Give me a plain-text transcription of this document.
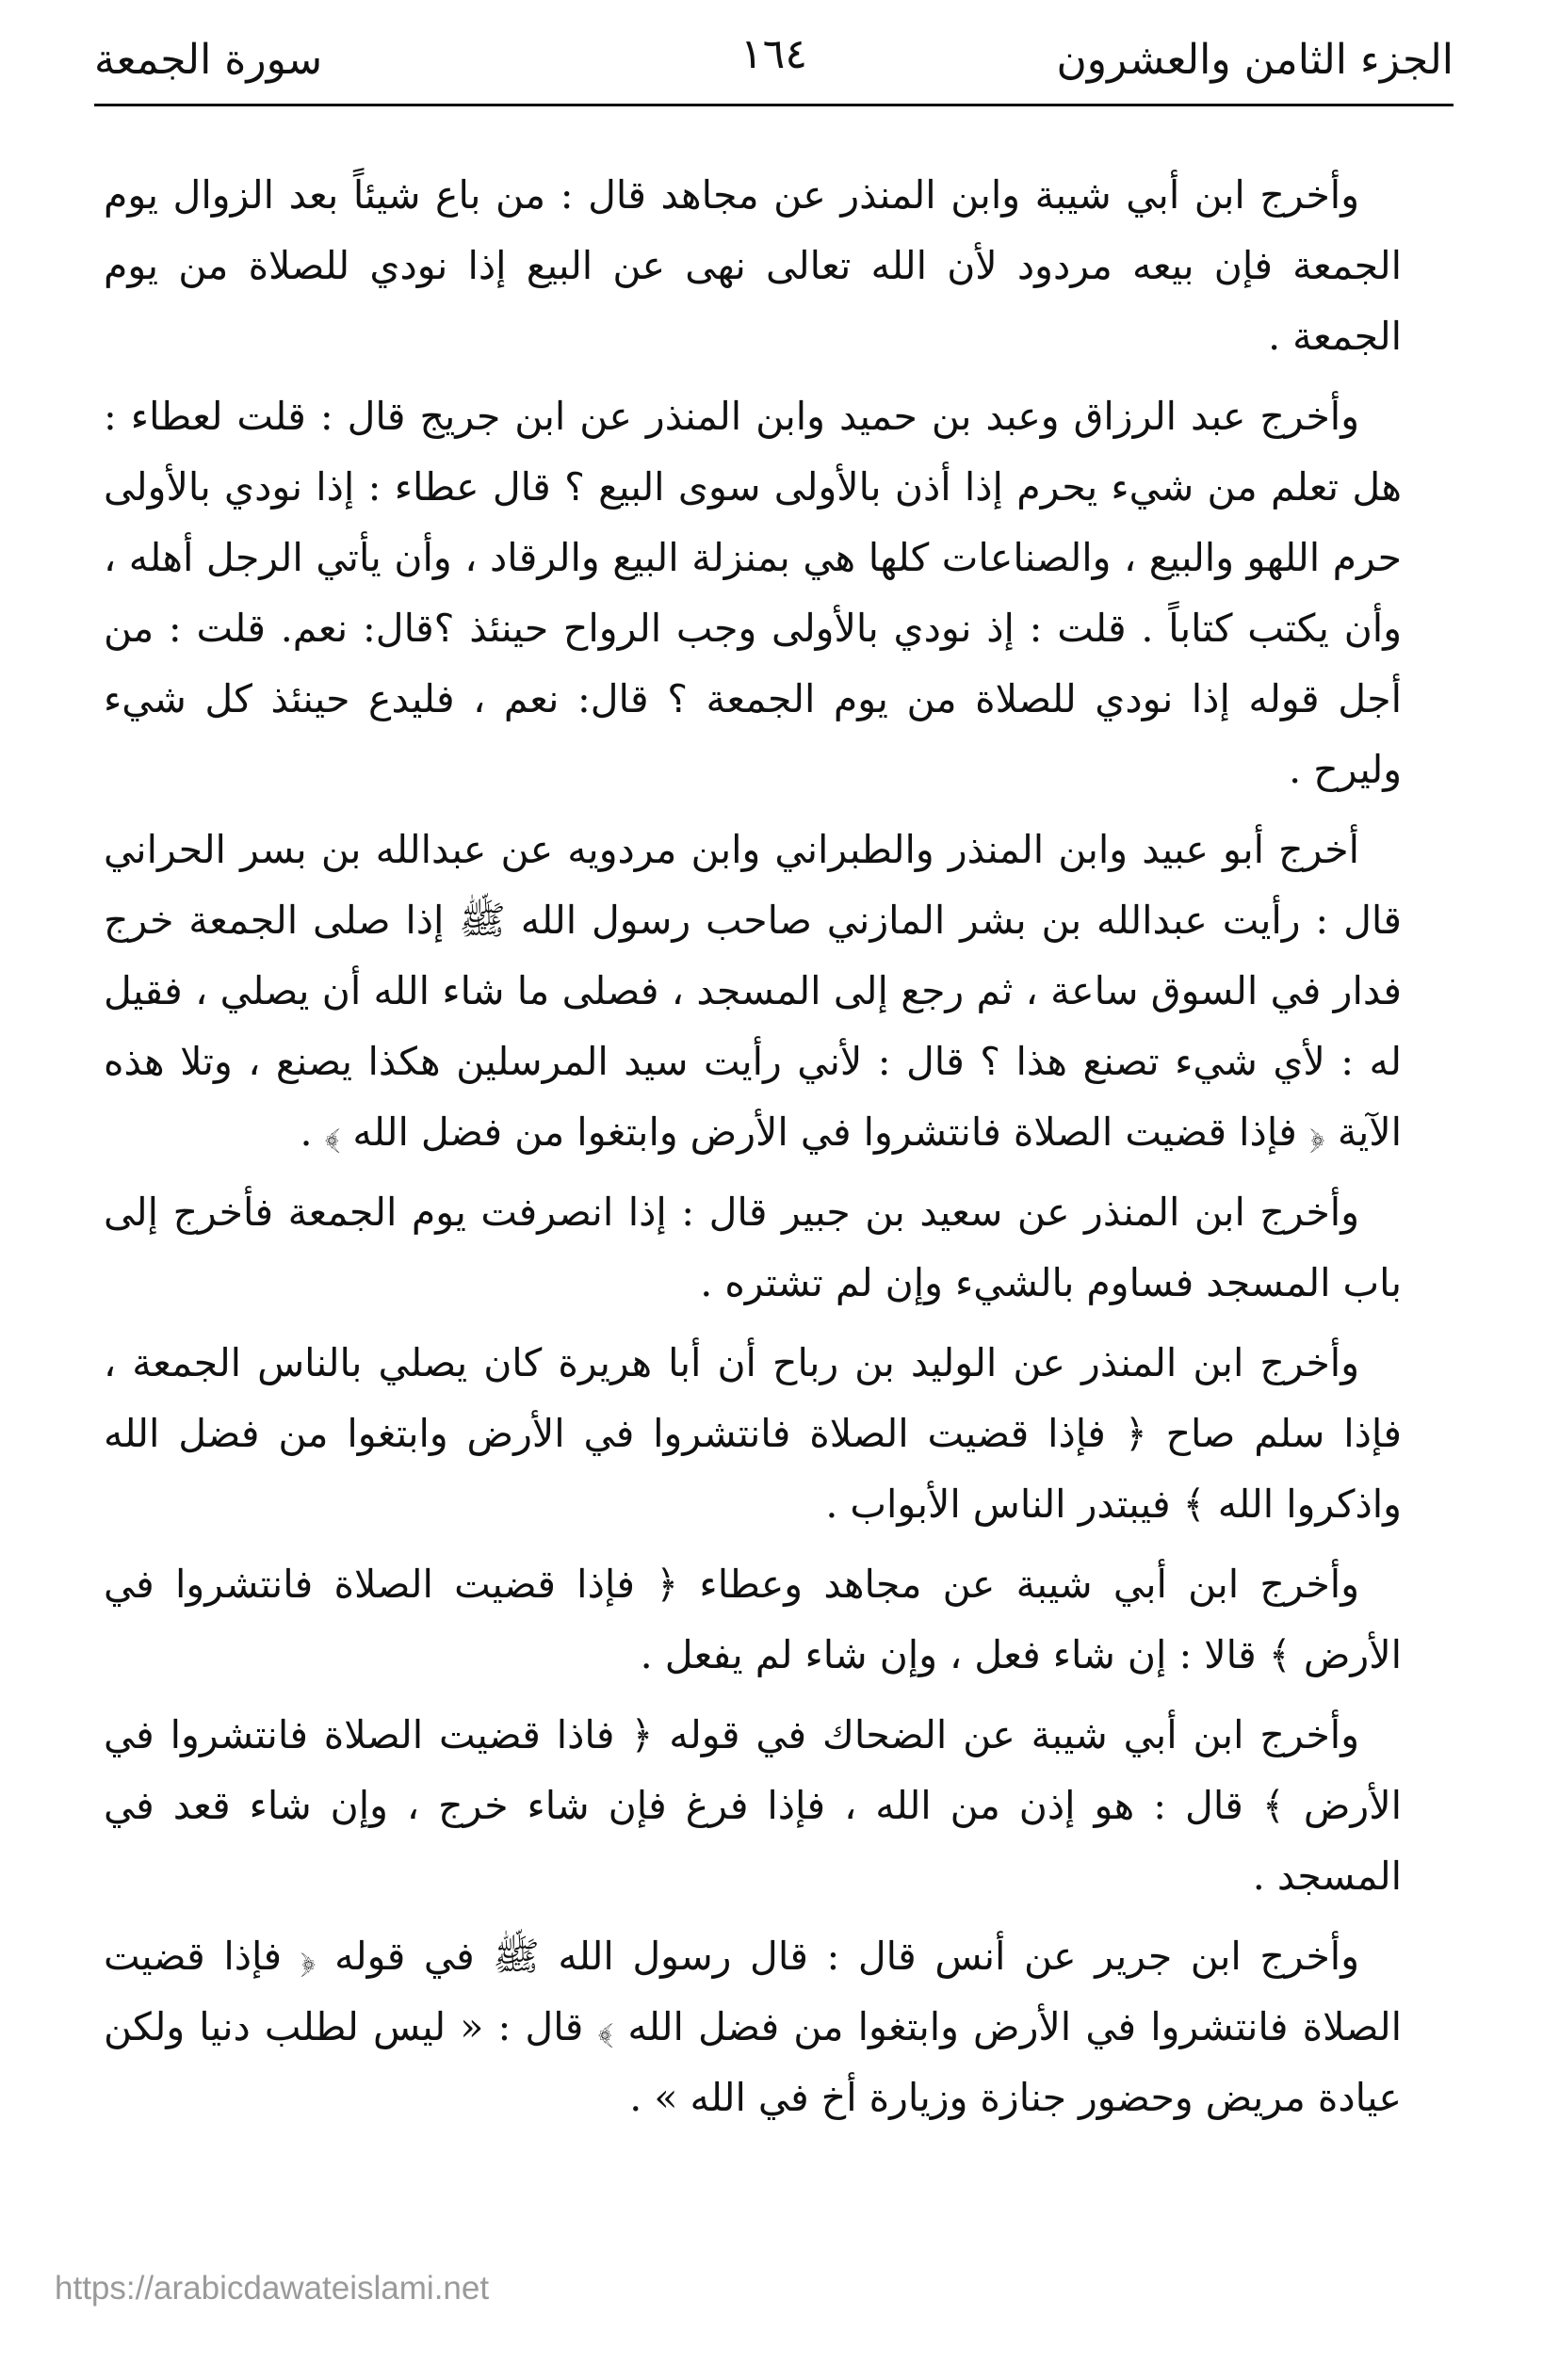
الجزء الثامن والعشرون
١٦٤
سورة الجمعة

وأخرج ابن أبي شيبة وابن المنذر عن مجاهد قال : من باع شيئاً بعد الزوال يوم الجمعة فإن بيعه مردود لأن الله تعالى نهى عن البيع إذا نودي للصلاة من يوم الجمعة .

وأخرج عبد الرزاق وعبد بن حميد وابن المنذر عن ابن جريج قال : قلت لعطاء : هل تعلم من شيء يحرم إذا أذن بالأولى سوى البيع ؟ قال عطاء : إذا نودي بالأولى حرم اللهو والبيع ، والصناعات كلها هي بمنزلة البيع والرقاد ، وأن يأتي الرجل أهله ، وأن يكتب كتاباً . قلت : إذ نودي بالأولى وجب الرواح حينئذ ؟قال: نعم. قلت : من أجل قوله إذا نودي للصلاة من يوم الجمعة ؟ قال: نعم ، فليدع حينئذ كل شيء وليرح .

أخرج أبو عبيد وابن المنذر والطبراني وابن مردويه عن عبدالله بن بسر الحراني قال : رأيت عبدالله بن بشر المازني صاحب رسول الله ﷺ إذا صلى الجمعة خرج فدار في السوق ساعة ، ثم رجع إلى المسجد ، فصلى ما شاء الله أن يصلي ، فقيل له : لأي شيء تصنع هذا ؟ قال : لأني رأيت سيد المرسلين هكذا يصنع ، وتلا هذه الآية ﴿ فإذا قضيت الصلاة فانتشروا في الأرض وابتغوا من فضل الله ﴾ .

وأخرج ابن المنذر عن سعيد بن جبير قال : إذا انصرفت يوم الجمعة فأخرج إلى باب المسجد فساوم بالشيء وإن لم تشتره .

وأخرج ابن المنذر عن الوليد بن رباح أن أبا هريرة كان يصلي بالناس الجمعة ، فإذا سلم صاح ﴿ فإذا قضيت الصلاة فانتشروا في الأرض وابتغوا من فضل الله واذكروا الله ﴾ فيبتدر الناس الأبواب .

وأخرج ابن أبي شيبة عن مجاهد وعطاء ﴿ فإذا قضيت الصلاة فانتشروا في الأرض ﴾ قالا : إن شاء فعل ، وإن شاء لم يفعل .

وأخرج ابن أبي شيبة عن الضحاك في قوله ﴿ فاذا قضيت الصلاة فانتشروا في الأرض ﴾ قال : هو إذن من الله ، فإذا فرغ فإن شاء خرج ، وإن شاء قعد في المسجد .

وأخرج ابن جرير عن أنس قال : قال رسول الله ﷺ في قوله ﴿ فإذا قضيت الصلاة فانتشروا في الأرض وابتغوا من فضل الله ﴾ قال : « ليس لطلب دنيا ولكن عيادة مريض وحضور جنازة وزيارة أخ في الله » .

https://arabicdawateislami.net
